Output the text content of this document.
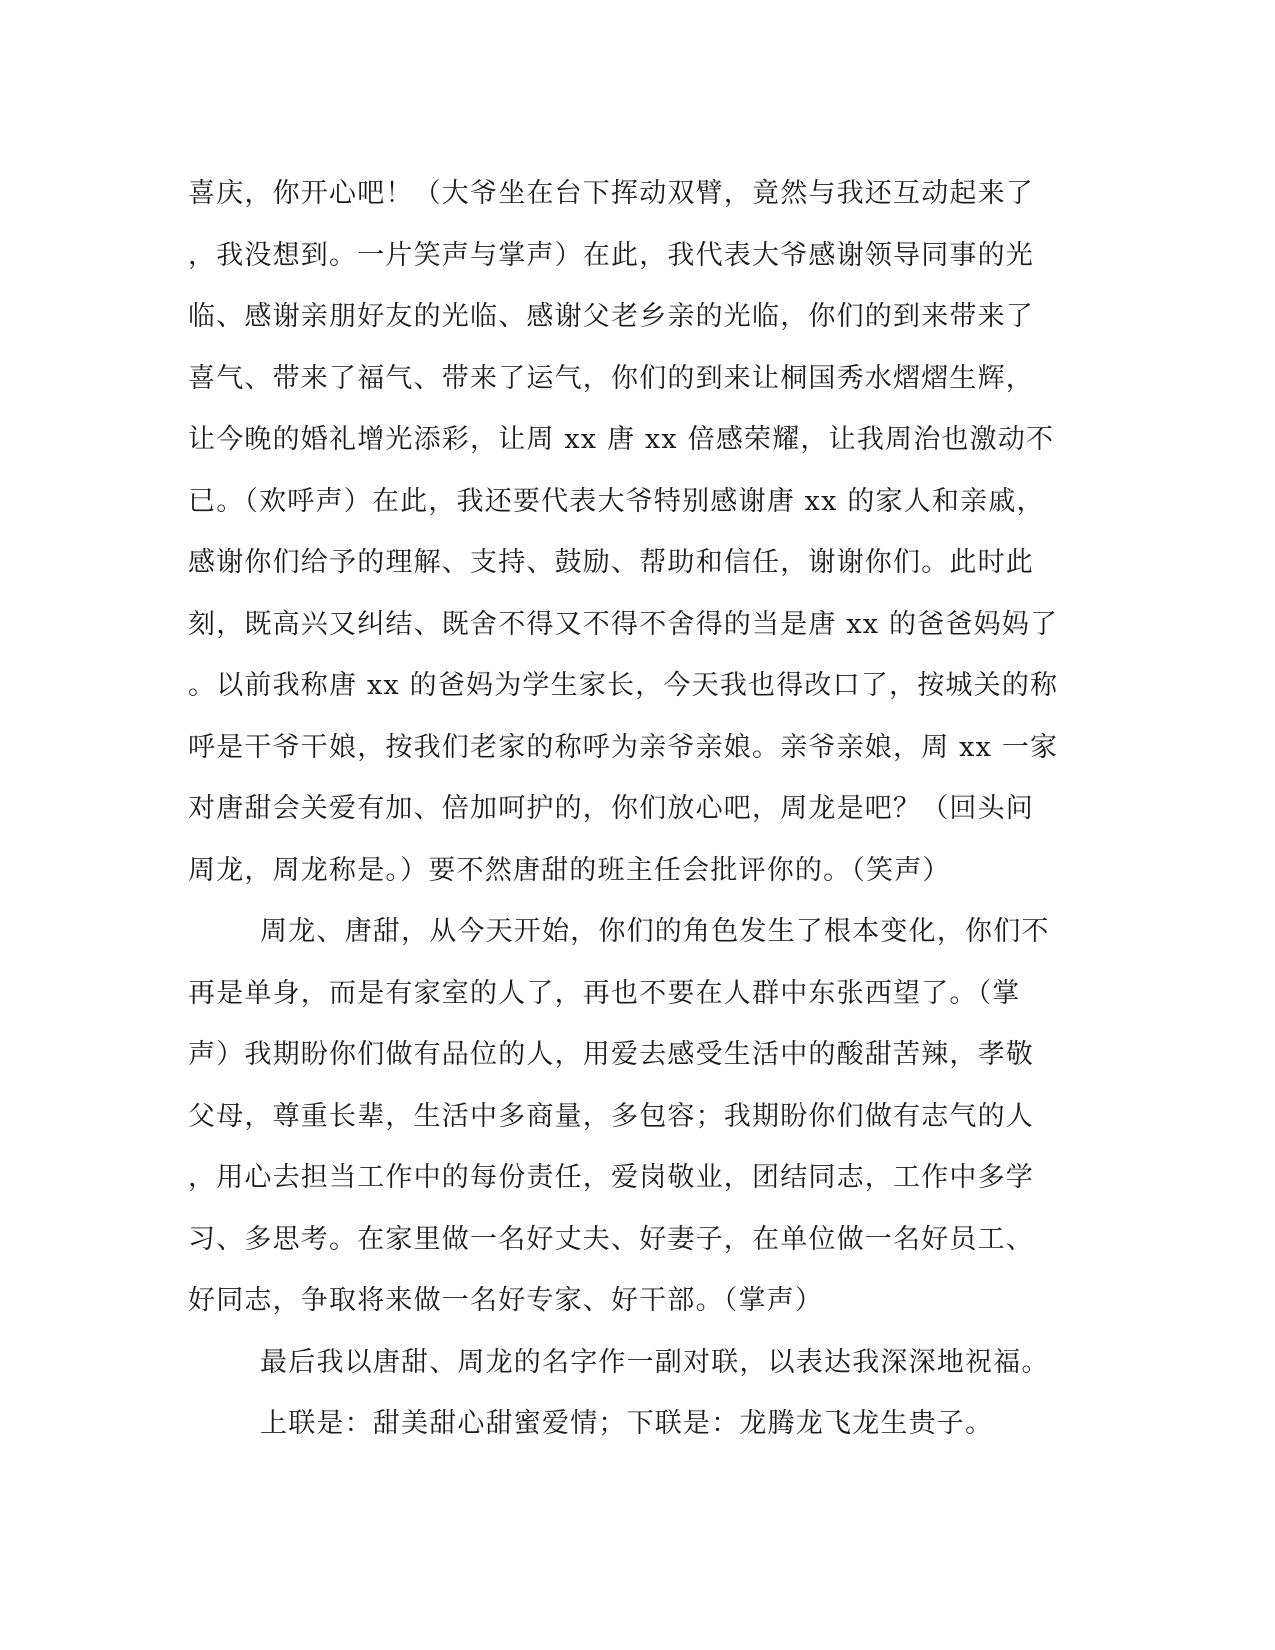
喜庆，你开心吧！（大爷坐在台下挥动双臂，竟然与我还互动起来了

，我没想到。一片笑声与掌声）在此，我代表大爷感谢领导同事的光

临、感谢亲朋好友的光临、感谢父老乡亲的光临，你们的到来带来了

喜气、带来了福气、带来了运气，你们的到来让桐国秀水熠熠生辉，

让今晚的婚礼增光添彩，让周 xx 唐 xx 倍感荣耀，让我周治也激动不

已。（欢呼声）在此，我还要代表大爷特别感谢唐 xx 的家人和亲戚，

感谢你们给予的理解、支持、鼓励、帮助和信任，谢谢你们。此时此

刻，既高兴又纠结、既舍不得又不得不舍得的当是唐 xx 的爸爸妈妈了

。以前我称唐 xx 的爸妈为学生家长，今天我也得改口了，按城关的称

呼是干爷干娘，按我们老家的称呼为亲爷亲娘。亲爷亲娘，周 xx 一家

对唐甜会关爱有加、倍加呵护的，你们放心吧，周龙是吧？（回头问

周龙，周龙称是。）要不然唐甜的班主任会批评你的。（笑声）

周龙、唐甜，从今天开始，你们的角色发生了根本变化，你们不

再是单身，而是有家室的人了，再也不要在人群中东张西望了。（掌

声）我期盼你们做有品位的人，用爱去感受生活中的酸甜苦辣，孝敬

父母，尊重长辈，生活中多商量，多包容；我期盼你们做有志气的人

，用心去担当工作中的每份责任，爱岗敬业，团结同志，工作中多学

习、多思考。在家里做一名好丈夫、好妻子，在单位做一名好员工、

好同志，争取将来做一名好专家、好干部。（掌声）

最后我以唐甜、周龙的名字作一副对联，以表达我深深地祝福。

上联是：甜美甜心甜蜜爱情；下联是：龙腾龙飞龙生贵子。
